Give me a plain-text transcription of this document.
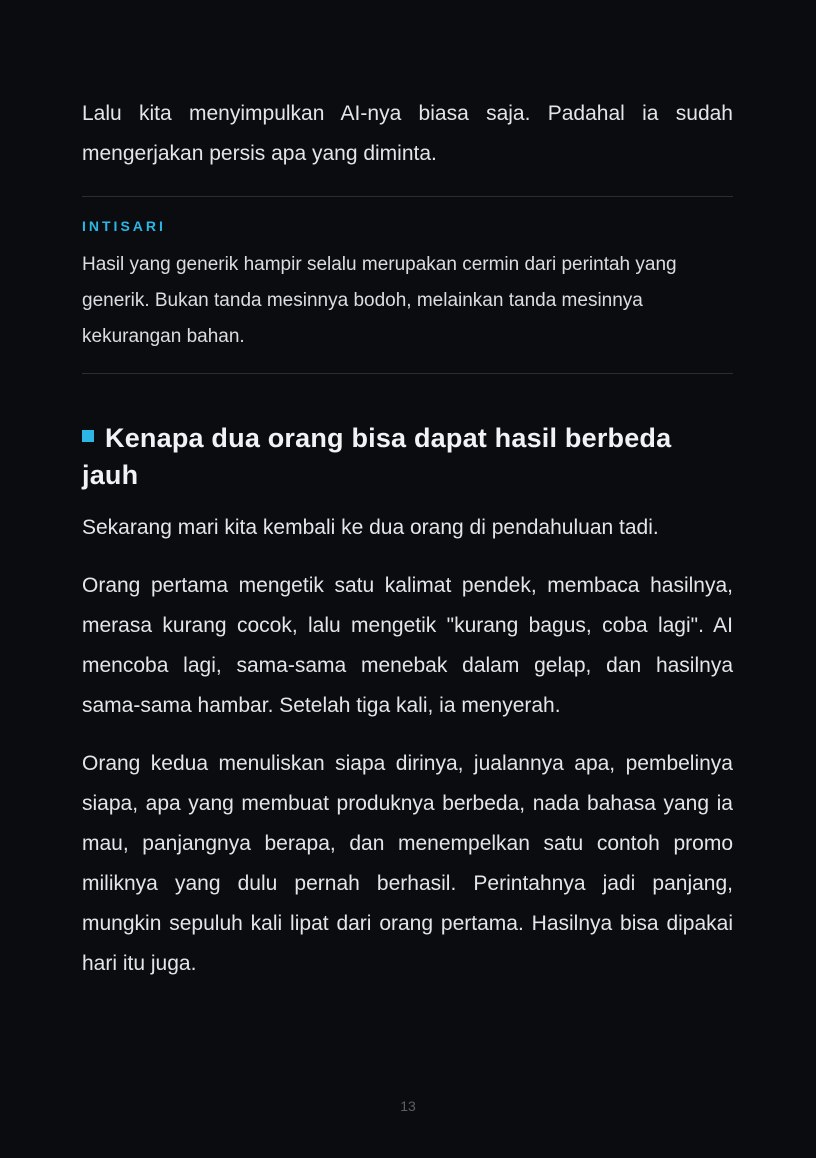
Lalu kita menyimpulkan AI-nya biasa saja. Padahal ia sudah mengerjakan persis apa yang diminta.

INTISARI

Hasil yang generik hampir selalu merupakan cermin dari perintah yang generik. Bukan tanda mesinnya bodoh, melainkan tanda mesinnya kekurangan bahan.

Kenapa dua orang bisa dapat hasil berbeda jauh

Sekarang mari kita kembali ke dua orang di pendahuluan tadi.

Orang pertama mengetik satu kalimat pendek, membaca hasilnya, merasa kurang cocok, lalu mengetik "kurang bagus, coba lagi". AI mencoba lagi, sama-sama menebak dalam gelap, dan hasilnya sama-sama hambar. Setelah tiga kali, ia menyerah.

Orang kedua menuliskan siapa dirinya, jualannya apa, pembelinya siapa, apa yang membuat produknya berbeda, nada bahasa yang ia mau, panjangnya berapa, dan menempelkan satu contoh promo miliknya yang dulu pernah berhasil. Perintahnya jadi panjang, mungkin sepuluh kali lipat dari orang pertama. Hasilnya bisa dipakai hari itu juga.

13
